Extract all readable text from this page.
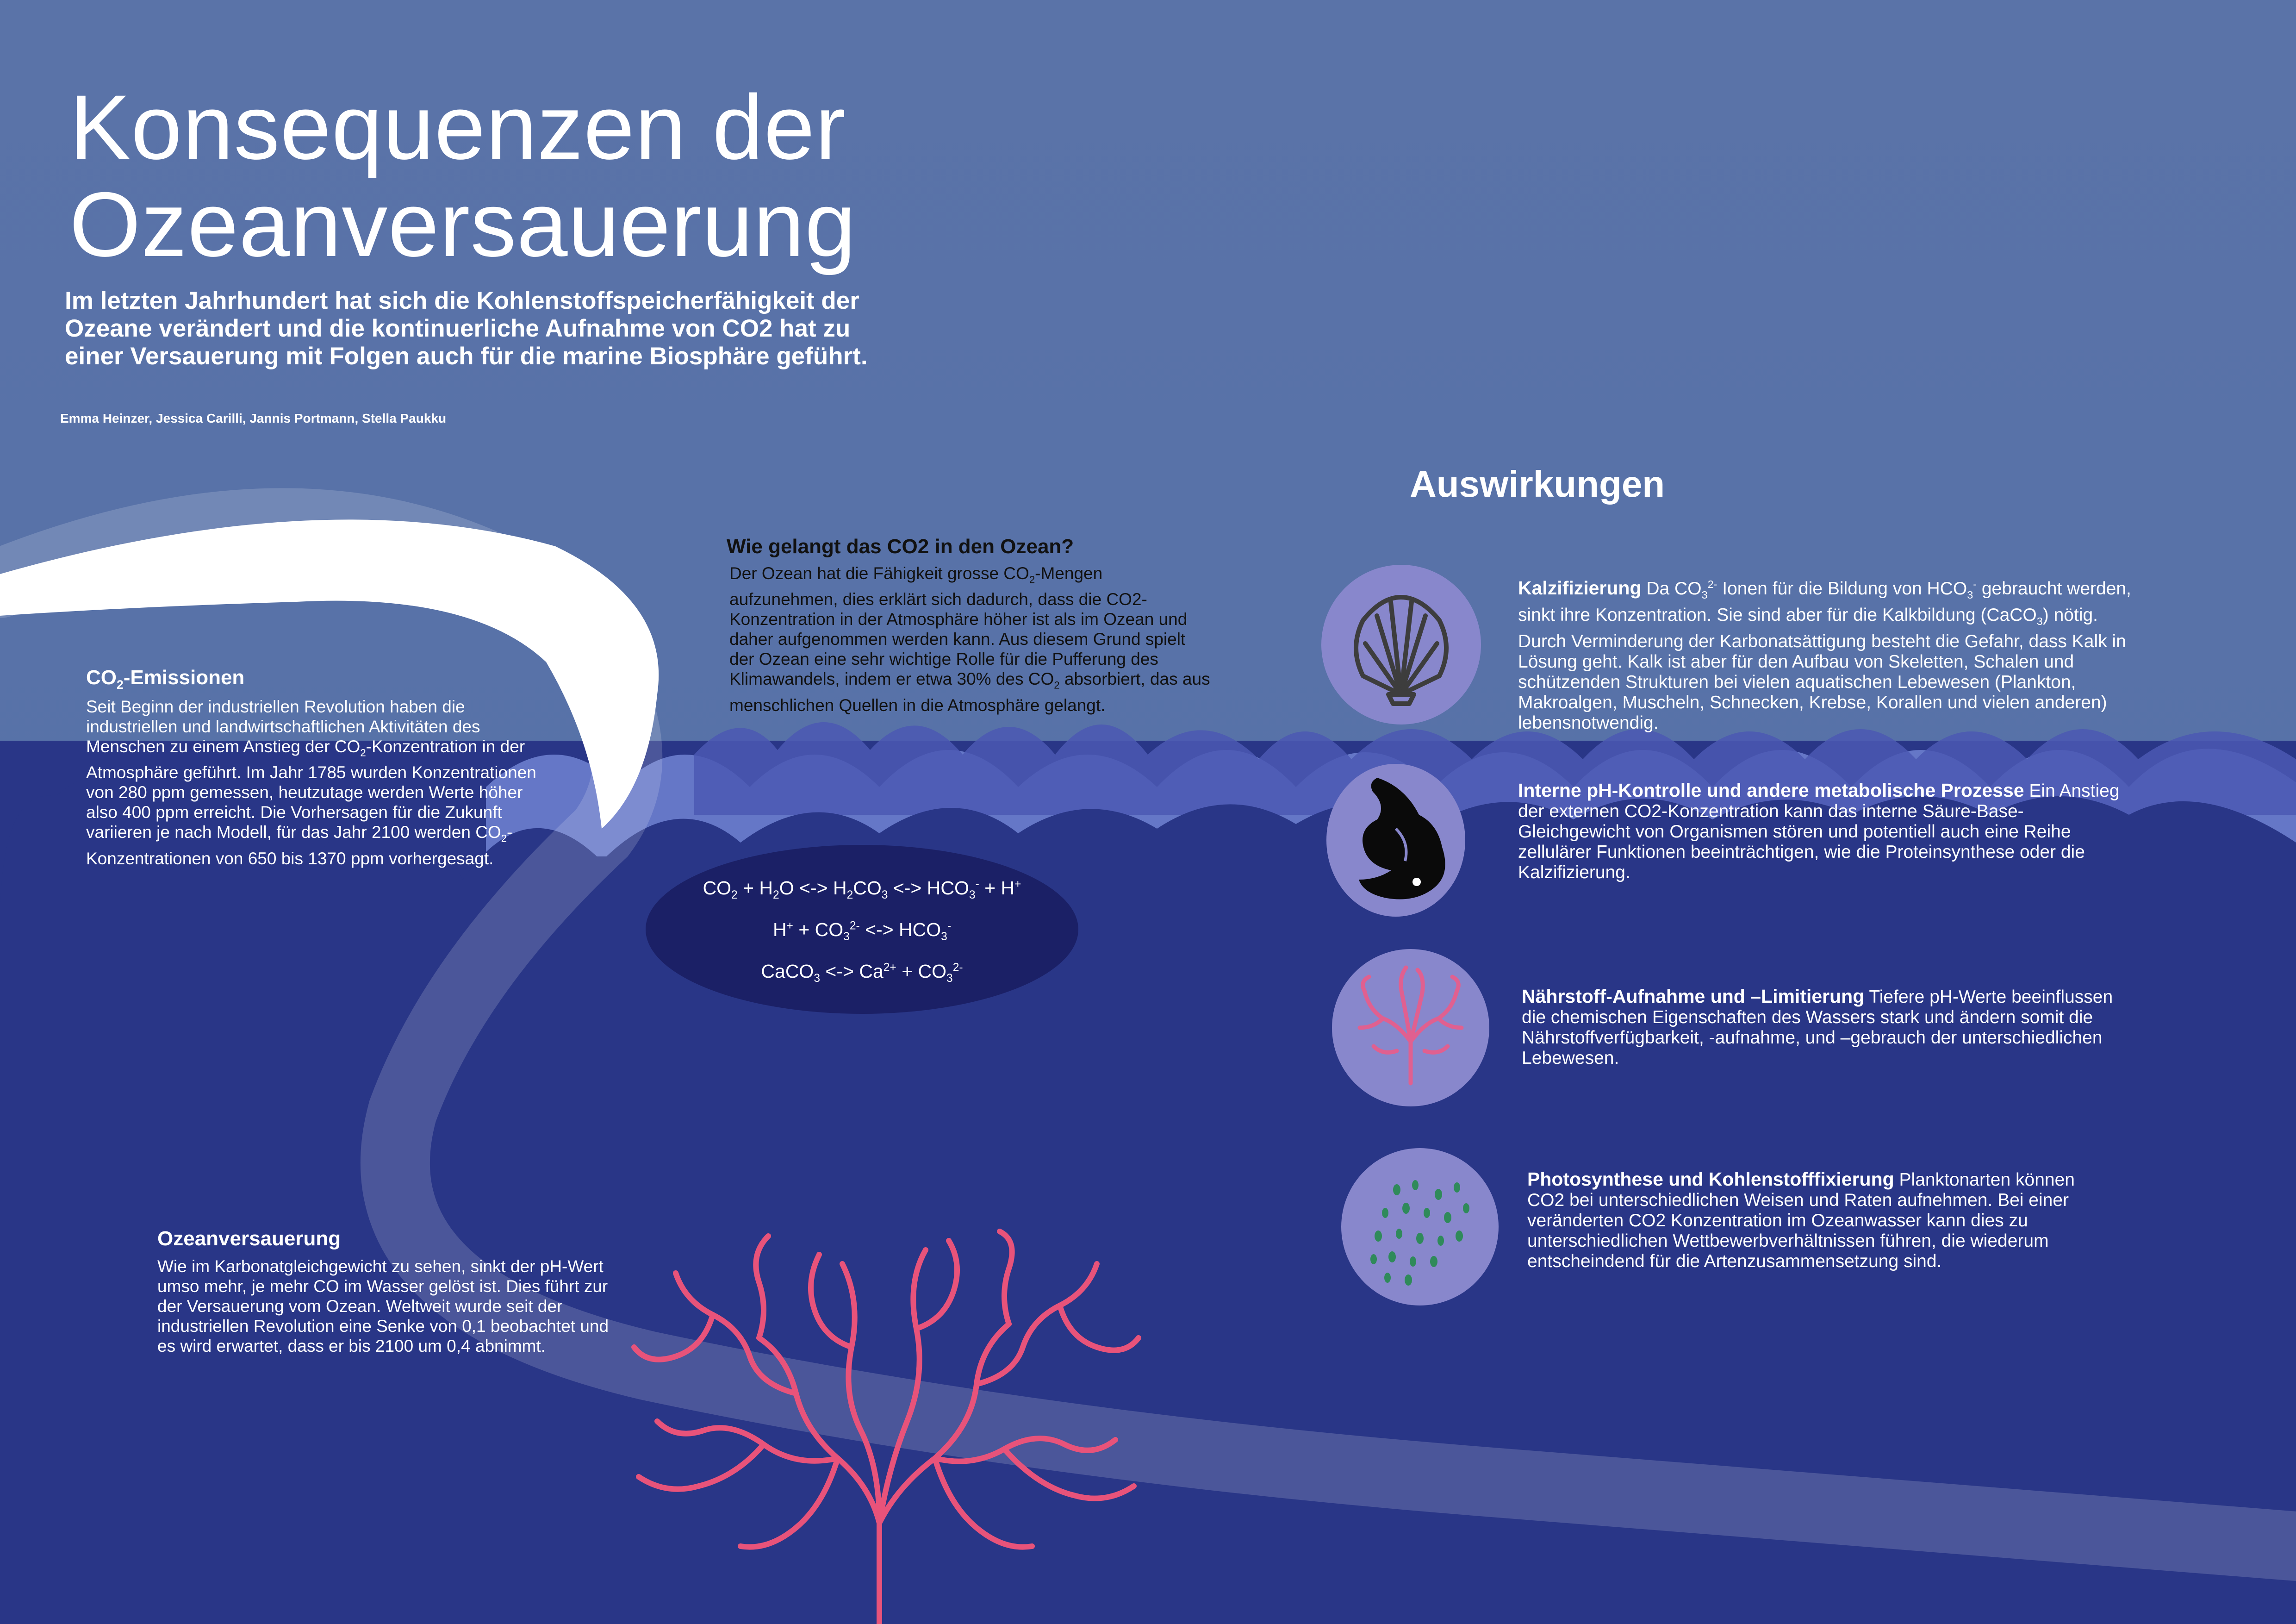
Konsequenzen der
Ozeanversauerung
Im letzten Jahrhundert hat sich die Kohlenstoffspeicherfähigkeit der Ozeane verändert und die kontinuerliche Aufnahme von CO2 hat zu einer Versauerung mit Folgen auch für die marine Biosphäre geführt.
Emma Heinzer, Jessica Carilli, Jannis Portmann, Stella Paukku
$CO_2$-Emissionen
Seit Beginn der industriellen Revolution haben die industriellen und landwirtschaftlichen Aktivitäten des Menschen zu einem Anstieg der $CO_2$-Konzentration in der Atmosphäre geführt. Im Jahr 1785 wurden Konzentrationen von 280 ppm gemessen, heutzutage werden Werte höher also 400 ppm erreicht. Die Vorhersagen für die Zukunft variieren je nach Modell, für das Jahr 2100 werden $CO_2$-Konzentrationen von 650 bis 1370 ppm vorhergesagt.
Wie gelangt das CO2 in den Ozean?
Der Ozean hat die Fähigkeit grosse $CO_2$-Mengen aufzunehmen, dies erklärt sich dadurch, dass die CO2-Konzentration in der Atmosphäre höher ist als im Ozean und daher aufgenommen werden kann. Aus diesem Grund spielt der Ozean eine sehr wichtige Rolle für die Pufferung des Klimawandels, indem er etwa 30% des $CO_2$ absorbiert, das aus menschlichen Quellen in die Atmosphäre gelangt.
$CO_2 + H_2O$ <-> $H_2CO_3$ <-> $HCO_3^- + H^+$
$H^+ + CO_3^{2-}$ <-> $HCO_3^-$
CaCO$_3$ <-> $Ca^{2+} + CO_3^{2-}$
Ozeanversauerung
Wie im Karbonatgleichgewicht zu sehen, sinkt der pH-Wert umso mehr, je mehr CO im Wasser gelöst ist. Dies führt zur der Versauerung vom Ozean. Weltweit wurde seit der industriellen Revolution eine Senke von 0,1 beobachtet und es wird erwartet, dass er bis 2100 um 0,4 abnimmt.
Auswirkungen
Kalzifizierung Da $CO_3^{2-}$ Ionen für die Bildung von $HCO_3^-$ gebraucht werden, sinkt ihre Konzentration. Sie sind aber für die Kalkbildung (CaCO$_3$) nötig. Durch Verminderung der Karbonatsättigung besteht die Gefahr, dass Kalk in Lösung geht. Kalk ist aber für den Aufbau von Skeletten, Schalen und schützenden Strukturen bei vielen aquatischen Lebewesen (Plankton, Makroalgen, Muscheln, Schnecken, Krebse, Korallen und vielen anderen) lebensnotwendig.
Interne pH-Kontrolle und andere metabolische Prozesse Ein Anstieg der externen CO2-Konzentration kann das interne Säure-Base-Gleichgewicht von Organismen stören und potentiell auch eine Reihe zellulärer Funktionen beeinträchtigen, wie die Proteinsynthese oder die Kalzifizierung.
Nährstoff-Aufnahme und –Limitierung Tiefere pH-Werte beeinflussen die chemischen Eigenschaften des Wassers stark und ändern somit die Nährstoffverfügbarkeit, -aufnahme, und –gebrauch der unterschiedlichen Lebewesen.
Photosynthese und Kohlenstofffixierung Planktonarten können CO2 bei unterschiedlichen Weisen und Raten aufnehmen. Bei einer veränderten CO2 Konzentration im Ozeanwasser kann dies zu unterschiedlichen Wettbewerbverhältnissen führen, die wiederum entscheindend für die Artenzusammensetzung sind.
